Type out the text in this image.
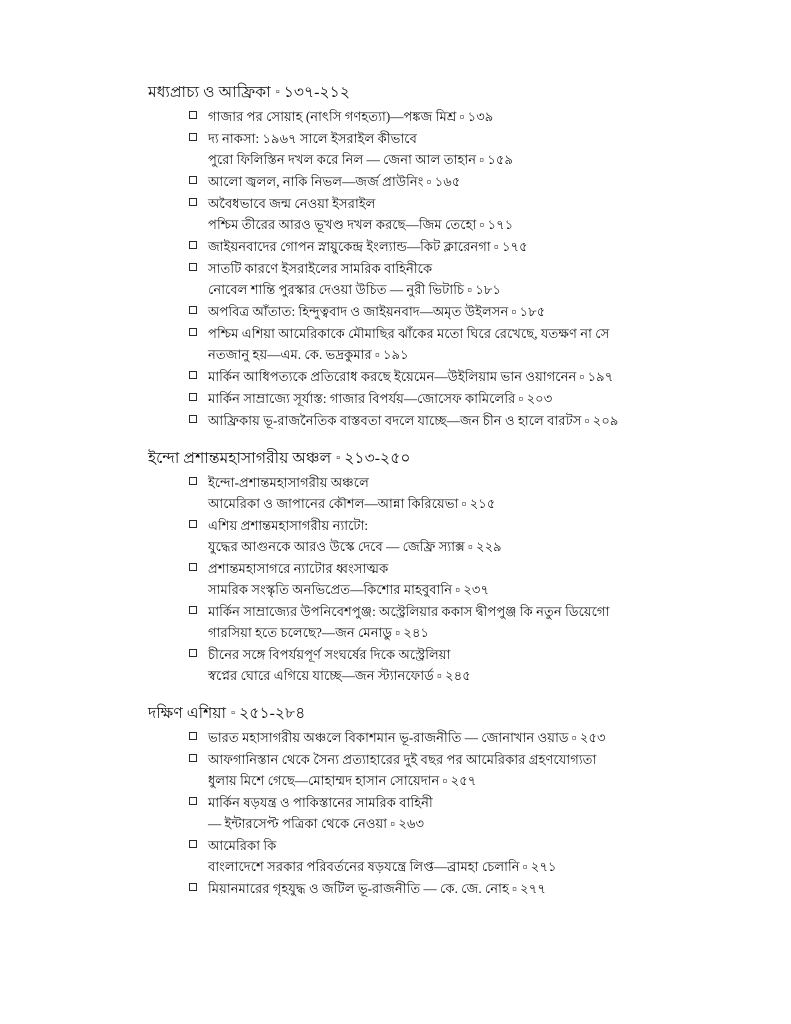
মধ্যপ্রাচ্য ও আফ্রিকা ▫ ১৩৭-২১২
গাজার পর সোয়াহ (নাৎসি গণহত্যা)—পঙ্কজ মিশ্র ▫ ১৩৯
দ্য নাকসা: ১৯৬৭ সালে ইসরাইল কীভাবে
পুরো ফিলিস্তিন দখল করে নিল — জেনা আল তাহান ▫ ১৫৯
আলো জ্বলল, নাকি নিভল—জর্জ প্রাউনিং ▫ ১৬৫
অবৈধভাবে জন্ম নেওয়া ইসরাইল
পশ্চিম তীরের আরও ভূখণ্ড দখল করছে—জিম তেহো ▫ ১৭১
জাইয়নবাদের গোপন স্নায়ুকেন্দ্র ইংল্যান্ড—কিট ক্লারেনগা ▫ ১৭৫
সাতটি কারণে ইসরাইলের সামরিক বাহিনীকে
নোবেল শান্তি পুরস্কার দেওয়া উচিত — নুরী ভিটাচি ▫ ১৮১
অপবিত্র আঁতাত: হিন্দুত্ববাদ ও জাইয়নবাদ—অমৃত উইলসন ▫ ১৮৫
পশ্চিম এশিয়া আমেরিকাকে মৌমাছির ঝাঁকের মতো ঘিরে রেখেছে, যতক্ষণ না সে
নতজানু হয়—এম. কে. ভদ্রকুমার ▫ ১৯১
মার্কিন আধিপত্যকে প্রতিরোধ করছে ইয়েমেন—উইলিয়াম ভান ওয়াগনেন ▫ ১৯৭
মার্কিন সাম্রাজ্যে সূর্যাস্ত: গাজার বিপর্যয়—জোসেফ কামিলেরি ▫ ২০৩
আফ্রিকায় ভূ-রাজনৈতিক বাস্তবতা বদলে যাচ্ছে—জন চীন ও হালে বারটস ▫ ২০৯
ইন্দো প্রশান্তমহাসাগরীয় অঞ্চল ▫ ২১৩-২৫০
ইন্দো-প্রশান্তমহাসাগরীয় অঞ্চলে
আমেরিকা ও জাপানের কৌশল—আন্না কিরিয়েভা ▫ ২১৫
এশিয় প্রশান্তমহাসাগরীয় ন্যাটো:
যুদ্ধের আগুনকে আরও উস্কে দেবে — জেফ্রি স্যাক্স ▫ ২২৯
প্রশান্তমহাসাগরে ন্যাটোর ধ্বংসাত্মক
সামরিক সংস্কৃতি অনভিপ্রেত—কিশোর মাহবুবানি ▫ ২৩৭
মার্কিন সাম্রাজ্যের উপনিবেশপুঞ্জ: অস্ট্রেলিয়ার ককাস দ্বীপপুঞ্জ কি নতুন ডিয়েগো
গারসিয়া হতে চলেছে?—জন মেনাডু ▫ ২৪১
চীনের সঙ্গে বিপর্যয়পূর্ণ সংঘর্ষের দিকে অস্ট্রেলিয়া
স্বপ্নের ঘোরে এগিয়ে যাচ্ছে—জন স্ট্যানফোর্ড ▫ ২৪৫
দক্ষিণ এশিয়া ▫ ২৫১-২৮৪
ভারত মহাসাগরীয় অঞ্চলে বিকাশমান ভূ-রাজনীতি — জোনাখান ওয়াড ▫ ২৫৩
আফগানিস্তান থেকে সৈন্য প্রত্যাহারের দুই বছর পর আমেরিকার গ্রহণযোগ্যতা
ধুলায় মিশে গেছে—মোহাম্মদ হাসান সোয়েদান ▫ ২৫৭
মার্কিন ষড়যন্ত্র ও পাকিস্তানের সামরিক বাহিনী
— ইন্টারসেপ্ট পত্রিকা থেকে নেওয়া ▫ ২৬৩
আমেরিকা কি
বাংলাদেশে সরকার পরিবর্তনের ষড়যন্ত্রে লিপ্ত—ব্রামহা চেলানি ▫ ২৭১
মিয়ানমারের গৃহযুদ্ধ ও জটিল ভূ-রাজনীতি — কে. জে. নোহ ▫ ২৭৭
